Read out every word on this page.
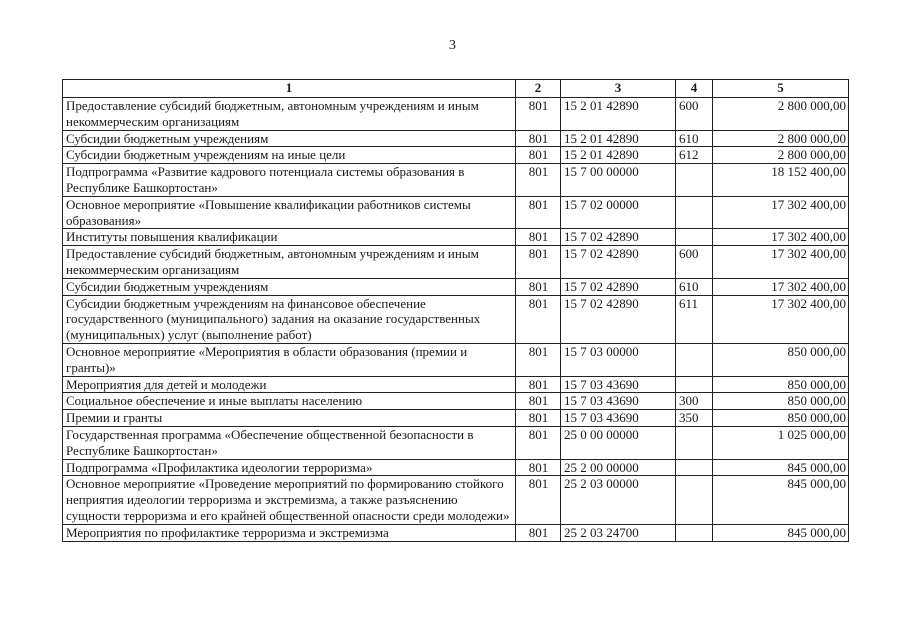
3
1	2	3	4	5
Предоставление субсидий бюджетным, автономным учреждениям и иным некоммерческим организациям	801	15 2 01 42890	600	2 800 000,00
Субсидии бюджетным учреждениям	801	15 2 01 42890	610	2 800 000,00
Субсидии бюджетным учреждениям на иные цели	801	15 2 01 42890	612	2 800 000,00
Подпрограмма «Развитие кадрового потенциала системы образования в Республике Башкортостан»	801	15 7 00 00000		18 152 400,00
Основное мероприятие «Повышение квалификации работников системы образования»	801	15 7 02 00000		17 302 400,00
Институты повышения квалификации	801	15 7 02 42890		17 302 400,00
Предоставление субсидий бюджетным, автономным учреждениям и иным некоммерческим организациям	801	15 7 02 42890	600	17 302 400,00
Субсидии бюджетным учреждениям	801	15 7 02 42890	610	17 302 400,00
Субсидии бюджетным учреждениям на финансовое обеспечение государственного (муниципального) задания на оказание государственных (муниципальных) услуг (выполнение работ)	801	15 7 02 42890	611	17 302 400,00
Основное мероприятие «Мероприятия в области образования (премии и гранты)»	801	15 7 03 00000		850 000,00
Мероприятия для детей и молодежи	801	15 7 03 43690		850 000,00
Социальное обеспечение и иные выплаты населению	801	15 7 03 43690	300	850 000,00
Премии и гранты	801	15 7 03 43690	350	850 000,00
Государственная программа «Обеспечение общественной безопасности в Республике Башкортостан»	801	25 0 00 00000		1 025 000,00
Подпрограмма «Профилактика идеологии терроризма»	801	25 2 00 00000		845 000,00
Основное мероприятие «Проведение мероприятий по формированию стойкого неприятия идеологии терроризма и экстремизма, а также разъяснению сущности терроризма и его крайней общественной опасности среди молодежи»	801	25 2 03 00000		845 000,00
Мероприятия по профилактике терроризма и экстремизма	801	25 2 03 24700		845 000,00
